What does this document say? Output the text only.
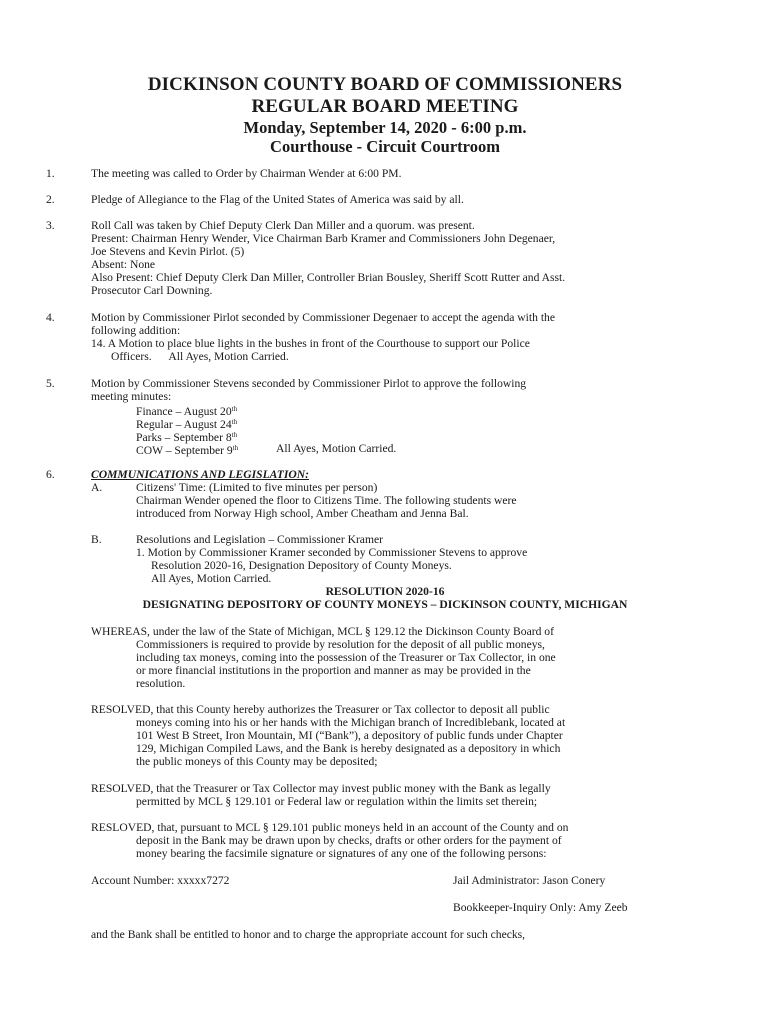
DICKINSON COUNTY BOARD OF COMMISSIONERS
REGULAR BOARD MEETING
Monday, September 14, 2020 - 6:00 p.m.
Courthouse - Circuit Courtroom
1.	The meeting was called to Order by Chairman Wender at 6:00 PM.
2.	Pledge of Allegiance to the Flag of the United States of America was said by all.
3.	Roll Call was taken by Chief Deputy Clerk Dan Miller and a quorum. was present.
Present: Chairman Henry Wender, Vice Chairman Barb Kramer and Commissioners John Degenaer,
Joe Stevens and Kevin Pirlot. (5)
Absent: None
Also Present: Chief Deputy Clerk Dan Miller, Controller Brian Bousley, Sheriff Scott Rutter and Asst.
Prosecutor Carl Downing.
4.	Motion by Commissioner Pirlot seconded by Commissioner Degenaer to accept the agenda with the
following addition:
14. A Motion to place blue lights in the bushes in front of the Courthouse to support our Police
Officers.      All Ayes, Motion Carried.
5.	Motion by Commissioner Stevens seconded by Commissioner Pirlot to approve the following
meeting minutes:
Finance – August 20th
Regular – August 24th
Parks – September 8th
COW – September 9th	All Ayes, Motion Carried.
6.	COMMUNICATIONS AND LEGISLATION:
A.	Citizens' Time: (Limited to five minutes per person)
Chairman Wender opened the floor to Citizens Time. The following students were
introduced from Norway High school, Amber Cheatham and Jenna Bal.
B.	Resolutions and Legislation – Commissioner Kramer
1. Motion by Commissioner Kramer seconded by Commissioner Stevens to approve
Resolution 2020-16, Designation Depository of County Moneys.
All Ayes, Motion Carried.
RESOLUTION 2020-16
DESIGNATING DEPOSITORY OF COUNTY MONEYS – DICKINSON COUNTY, MICHIGAN
WHEREAS, under the law of the State of Michigan, MCL § 129.12 the Dickinson County Board of
Commissioners is required to provide by resolution for the deposit of all public moneys,
including tax moneys, coming into the possession of the Treasurer or Tax Collector, in one
or more financial institutions in the proportion and manner as may be provided in the
resolution.
RESOLVED, that this County hereby authorizes the Treasurer or Tax collector to deposit all public
moneys coming into his or her hands with the Michigan branch of Incrediblebank, located at
101 West B Street, Iron Mountain, MI (“Bank”), a depository of public funds under Chapter
129, Michigan Compiled Laws, and the Bank is hereby designated as a depository in which
the public moneys of this County may be deposited;
RESOLVED, that the Treasurer or Tax Collector may invest public money with the Bank as legally
permitted by MCL § 129.101 or Federal law or regulation within the limits set therein;
RESLOVED, that, pursuant to MCL § 129.101 public moneys held in an account of the County and on
deposit in the Bank may be drawn upon by checks, drafts or other orders for the payment of
money bearing the facsimile signature or signatures of any one of the following persons:
Account Number: xxxxx7272	Jail Administrator: Jason Conery
Bookkeeper-Inquiry Only: Amy Zeeb
and the Bank shall be entitled to honor and to charge the appropriate account for such checks,
